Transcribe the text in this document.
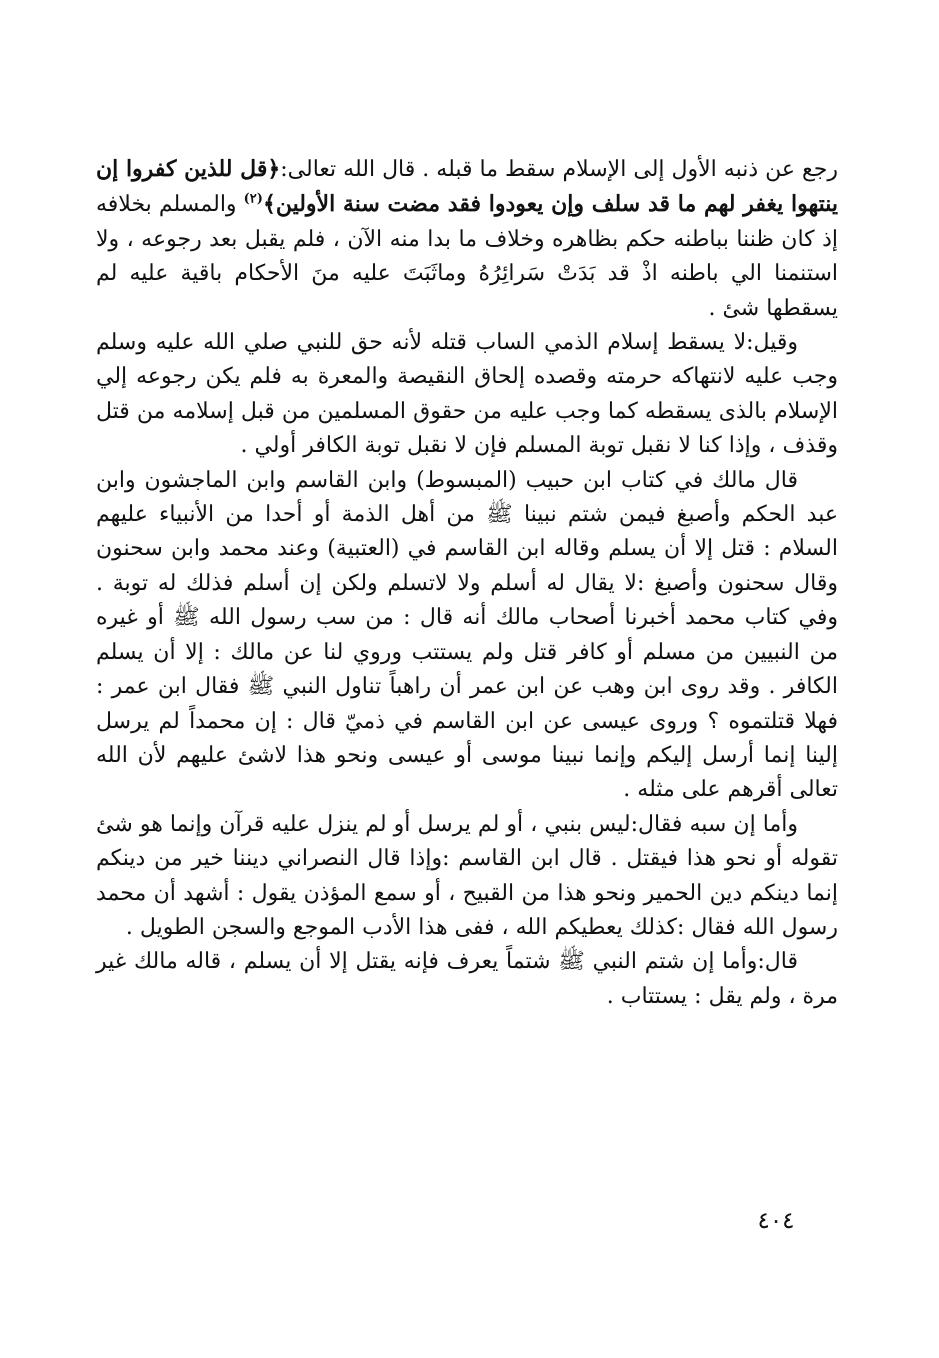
رجع عن ذنبه الأول إلى الإسلام سقط ما قبله . قال الله تعالى:﴿قل للذين كفروا إن ينتهوا يغفر لهم ما قد سلف وإن يعودوا فقد مضت سنة الأولين﴾$^{(٢)}$ والمسلم بخلافه إذ كان ظننا بباطنه حكم بظاهره وخلاف ما بدا منه الآن ، فلم يقبل بعد رجوعه ، ولا استنمنا الي باطنه اذْ قد بَدَتْ سَرائِرُهُ وماثَبَتَ عليه منَ الأحكام باقية عليه لم يسقطها شئ .

وقيل:لا يسقط إسلام الذمي الساب قتله لأنه حق للنبي صلي الله عليه وسلم وجب عليه لانتهاكه حرمته وقصده إلحاق النقيصة والمعرة به فلم يكن رجوعه إلي الإسلام بالذى يسقطه كما وجب عليه من حقوق المسلمين من قبل إسلامه من قتل وقذف ، وإذا كنا لا نقبل توبة المسلم فإن لا نقبل توبة الكافر أولي .

قال مالك في كتاب ابن حبيب (المبسوط) وابن القاسم وابن الماجشون وابن عبد الحكم وأصبغ فيمن شتم نبينا ﷺ من أهل الذمة أو أحدا من الأنبياء عليهم السلام : قتل إلا أن يسلم وقاله ابن القاسم في (العتبية) وعند محمد وابن سحنون وقال سحنون وأصبغ :لا يقال له أسلم ولا لاتسلم ولكن إن أسلم فذلك له توبة . وفي كتاب محمد أخبرنا أصحاب مالك أنه قال : من سب رسول الله ﷺ أو غيره من النبيين من مسلم أو كافر قتل ولم يستتب وروي لنا عن مالك : إلا أن يسلم الكافر . وقد روى ابن وهب عن ابن عمر أن راهباً تناول النبي ﷺ فقال ابن عمر : فهلا قتلتموه ؟ وروى عيسى عن ابن القاسم في ذميّ قال : إن محمداً لم يرسل إلينا إنما أرسل إليكم وإنما نبينا موسى أو عيسى ونحو هذا لاشئ عليهم لأن الله تعالى أقرهم على مثله .

وأما إن سبه فقال:ليس بنبي ، أو لم يرسل أو لم ينزل عليه قرآن وإنما هو شئ تقوله أو نحو هذا فيقتل . قال ابن القاسم :وإذا قال النصراني ديننا خير من دينكم إنما دينكم دين الحمير ونحو هذا من القبيح ، أو سمع المؤذن يقول : أشهد أن محمد رسول الله فقال :كذلك يعطيكم الله ، ففى هذا الأدب الموجع والسجن الطويل .

قال:وأما إن شتم النبي ﷺ شتماً يعرف فإنه يقتل إلا أن يسلم ، قاله مالك غير مرة ، ولم يقل : يستتاب .

٤٠٤
